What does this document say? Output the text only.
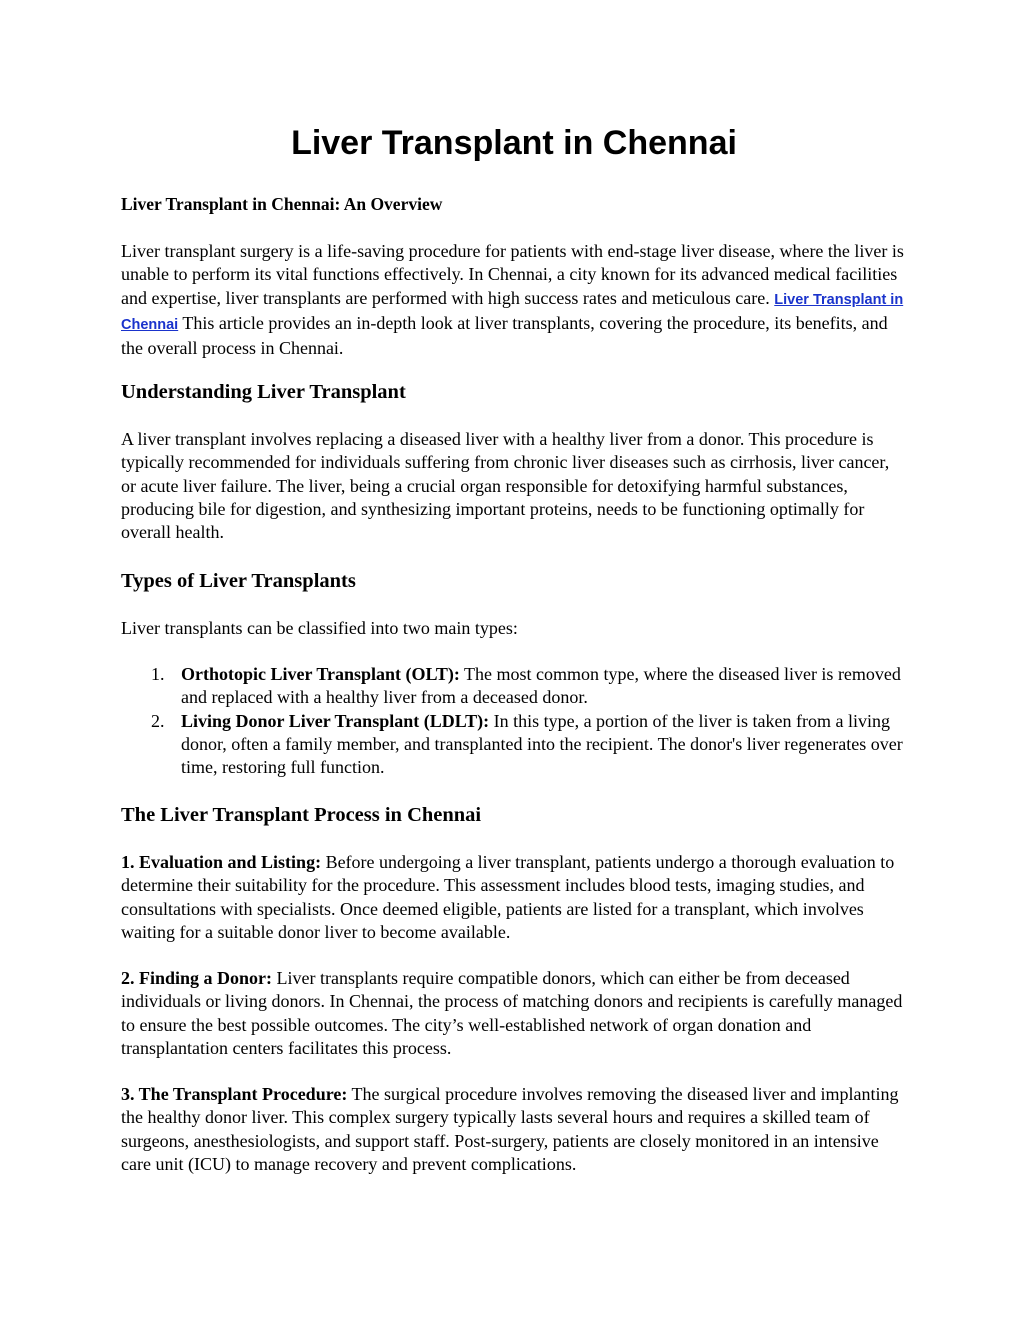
Liver Transplant in Chennai

Liver Transplant in Chennai: An Overview

Liver transplant surgery is a life-saving procedure for patients with end-stage liver disease, where the liver is unable to perform its vital functions effectively. In Chennai, a city known for its advanced medical facilities and expertise, liver transplants are performed with high success rates and meticulous care. Liver Transplant in Chennai This article provides an in-depth look at liver transplants, covering the procedure, its benefits, and the overall process in Chennai.

Understanding Liver Transplant

A liver transplant involves replacing a diseased liver with a healthy liver from a donor. This procedure is typically recommended for individuals suffering from chronic liver diseases such as cirrhosis, liver cancer, or acute liver failure. The liver, being a crucial organ responsible for detoxifying harmful substances, producing bile for digestion, and synthesizing important proteins, needs to be functioning optimally for overall health.

Types of Liver Transplants

Liver transplants can be classified into two main types:

1. Orthotopic Liver Transplant (OLT): The most common type, where the diseased liver is removed and replaced with a healthy liver from a deceased donor.
2. Living Donor Liver Transplant (LDLT): In this type, a portion of the liver is taken from a living donor, often a family member, and transplanted into the recipient. The donor's liver regenerates over time, restoring full function.
The Liver Transplant Process in Chennai

1. Evaluation and Listing: Before undergoing a liver transplant, patients undergo a thorough evaluation to determine their suitability for the procedure. This assessment includes blood tests, imaging studies, and consultations with specialists. Once deemed eligible, patients are listed for a transplant, which involves waiting for a suitable donor liver to become available.

2. Finding a Donor: Liver transplants require compatible donors, which can either be from deceased individuals or living donors. In Chennai, the process of matching donors and recipients is carefully managed to ensure the best possible outcomes. The city’s well-established network of organ donation and transplantation centers facilitates this process.

3. The Transplant Procedure: The surgical procedure involves removing the diseased liver and implanting the healthy donor liver. This complex surgery typically lasts several hours and requires a skilled team of surgeons, anesthesiologists, and support staff. Post-surgery, patients are closely monitored in an intensive care unit (ICU) to manage recovery and prevent complications.
